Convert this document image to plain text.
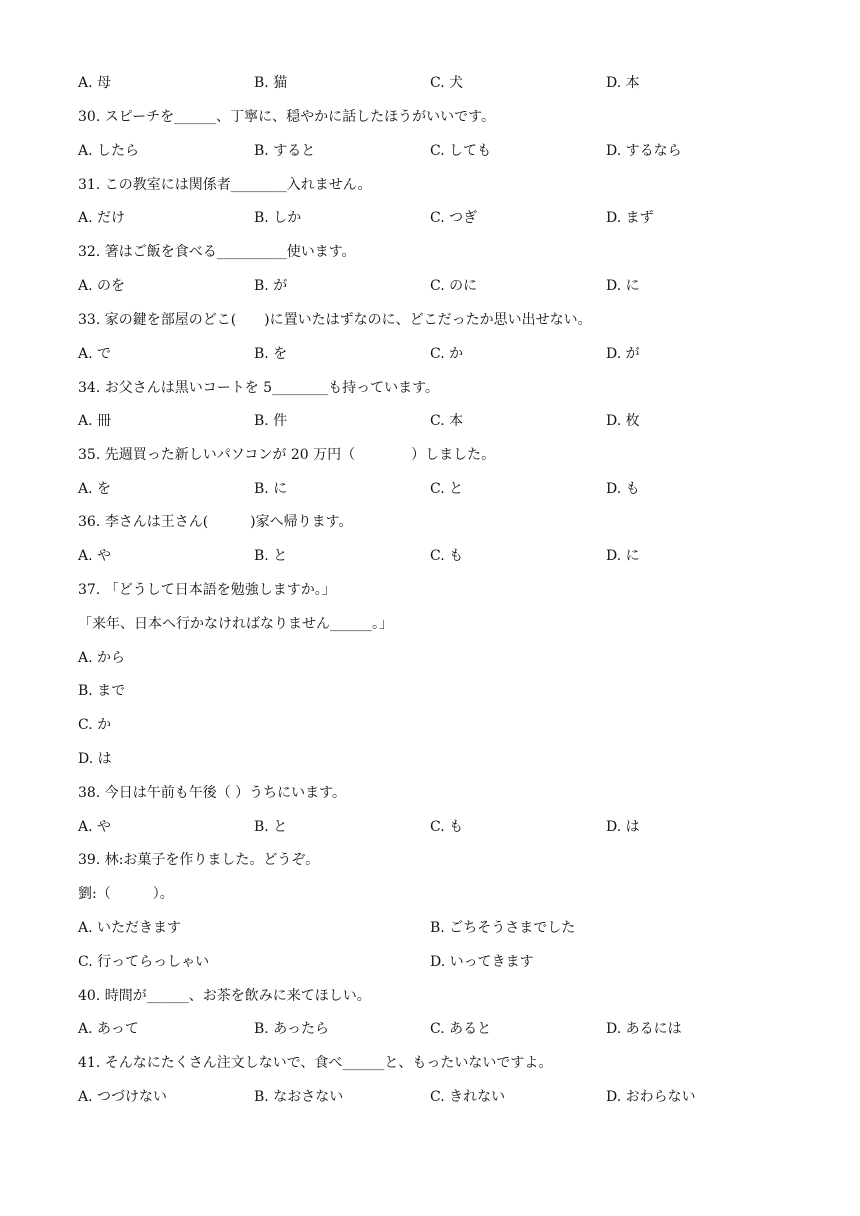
A. 母	B. 猫	C. 犬	D. 本
30. スピーチを______、丁寧に、穏やかに話したほうがいいです。
A. したら	B. すると	C. しても	D. するなら
31. この教室には関係者________入れません。
A. だけ	B. しか	C. つぎ	D. まず
32. 箸はご飯を食べる__________使います。
A. のを	B. が	C. のに	D. に
33. 家の鍵を部屋のどこ(　　)に置いたはずなのに、どこだったか思い出せない。
A. で	B. を	C. か	D. が
34. お父さんは黒いコートを 5________も持っています。
A. 冊	B. 件	C. 本	D. 枚
35. 先週買った新しいパソコンが 20 万円（　　　　）しました。
A. を	B. に	C. と	D. も
36. 李さんは王さん(　　　)家へ帰ります。
A. や	B. と	C. も	D. に
37. 「どうして日本語を勉強しますか。」
「来年、日本へ行かなければなりません______。」
A. から
B. まで
C. か
D. は
38. 今日は午前も午後（ ）うちにいます。
A. や	B. と	C. も	D. は
39. 林:お菓子を作りました。どうぞ。
劉:（　　　）。
A. いただきます	B. ごちそうさまでした
C. 行ってらっしゃい	D. いってきます
40. 時間が______、お茶を飲みに来てほしい。
A. あって	B. あったら	C. あると	D. あるには
41. そんなにたくさん注文しないで、食べ______と、もったいないですよ。
A. つづけない	B. なおさない	C. きれない	D. おわらない
